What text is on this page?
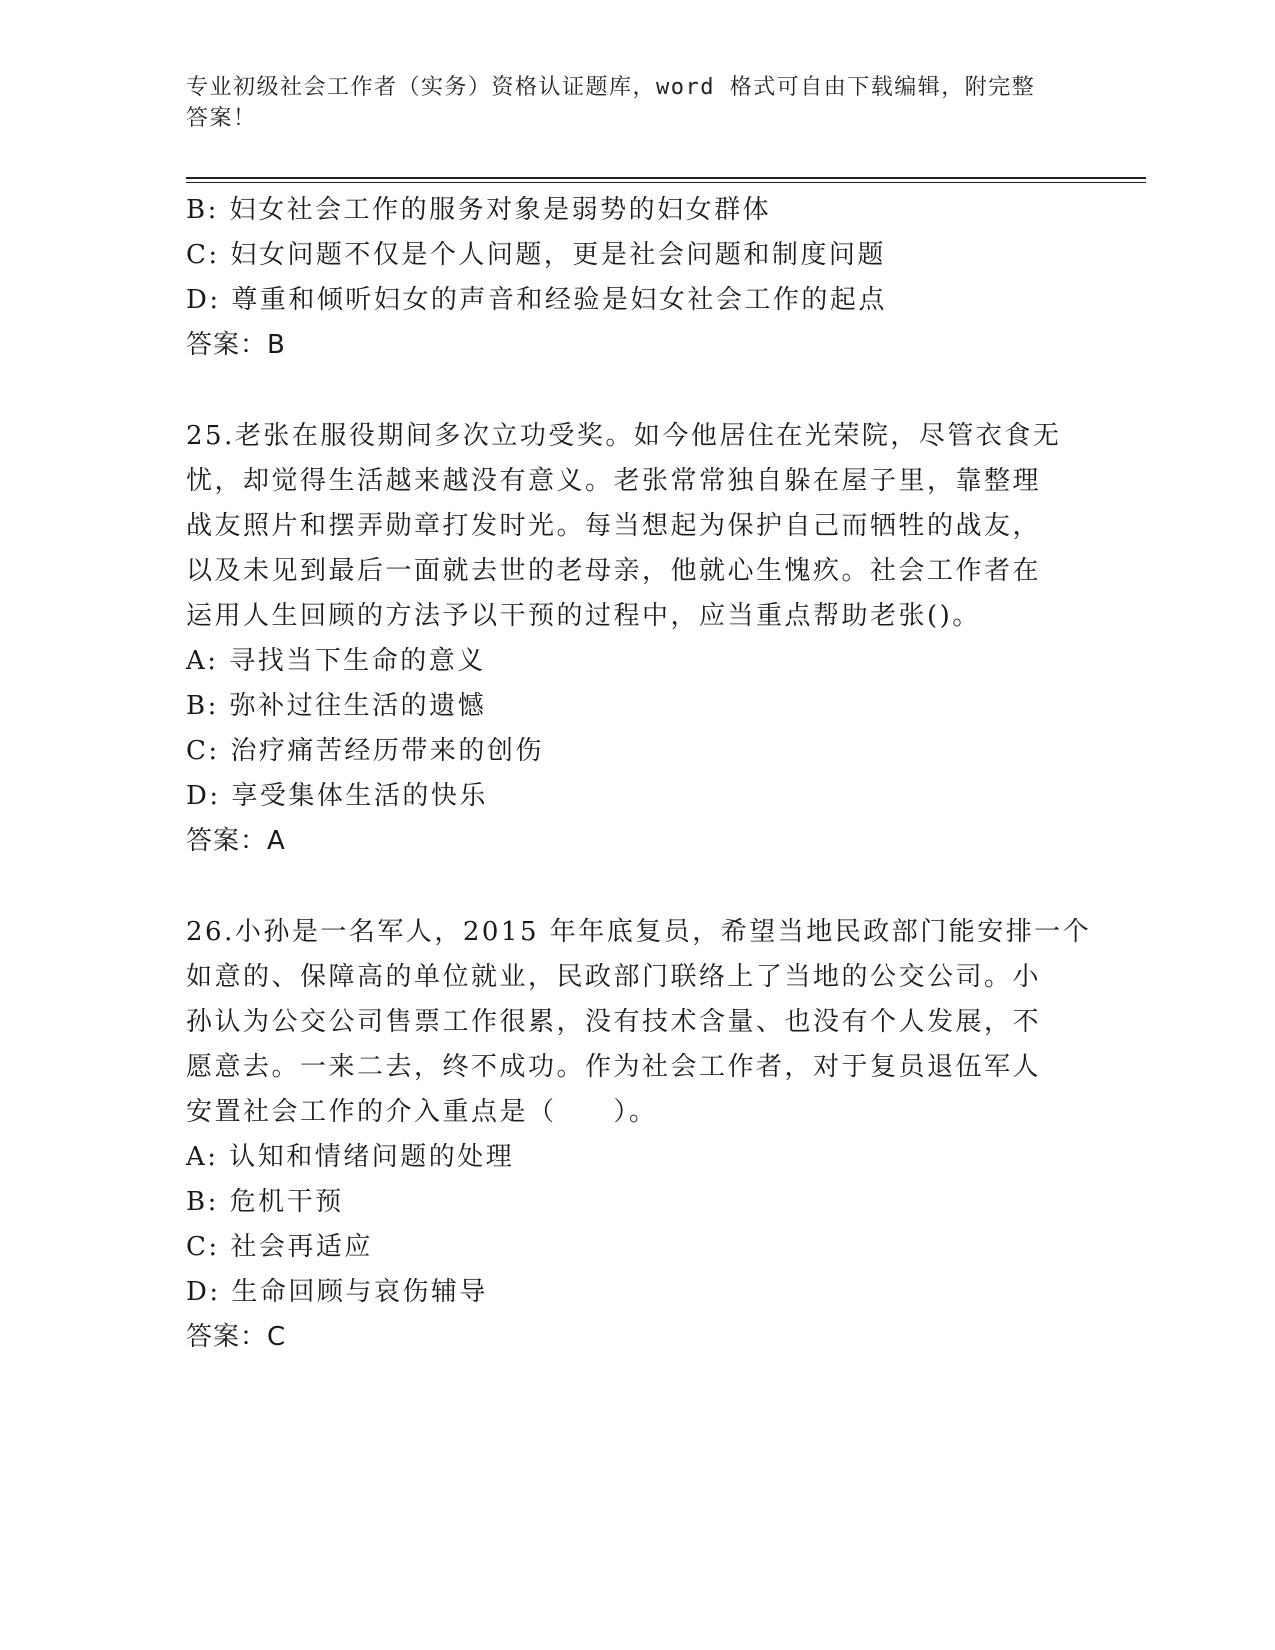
专业初级社会工作者（实务）资格认证题库，word 格式可自由下载编辑，附完整
答案！
B: 妇女社会工作的服务对象是弱势的妇女群体
C: 妇女问题不仅是个人问题，更是社会问题和制度问题
D: 尊重和倾听妇女的声音和经验是妇女社会工作的起点
答案：B
25.老张在服役期间多次立功受奖。如今他居住在光荣院，尽管衣食无
忧，却觉得生活越来越没有意义。老张常常独自躲在屋子里，靠整理
战友照片和摆弄勋章打发时光。每当想起为保护自己而牺牲的战友，
以及未见到最后一面就去世的老母亲，他就心生愧疚。社会工作者在
运用人生回顾的方法予以干预的过程中，应当重点帮助老张()。
A: 寻找当下生命的意义
B: 弥补过往生活的遗憾
C: 治疗痛苦经历带来的创伤
D: 享受集体生活的快乐
答案：A
26.小孙是一名军人，2015 年年底复员，希望当地民政部门能安排一个
如意的、保障高的单位就业，民政部门联络上了当地的公交公司。小
孙认为公交公司售票工作很累，没有技术含量、也没有个人发展，不
愿意去。一来二去，终不成功。作为社会工作者，对于复员退伍军人
安置社会工作的介入重点是（　　）。
A: 认知和情绪问题的处理
B: 危机干预
C: 社会再适应
D: 生命回顾与哀伤辅导
答案：C
